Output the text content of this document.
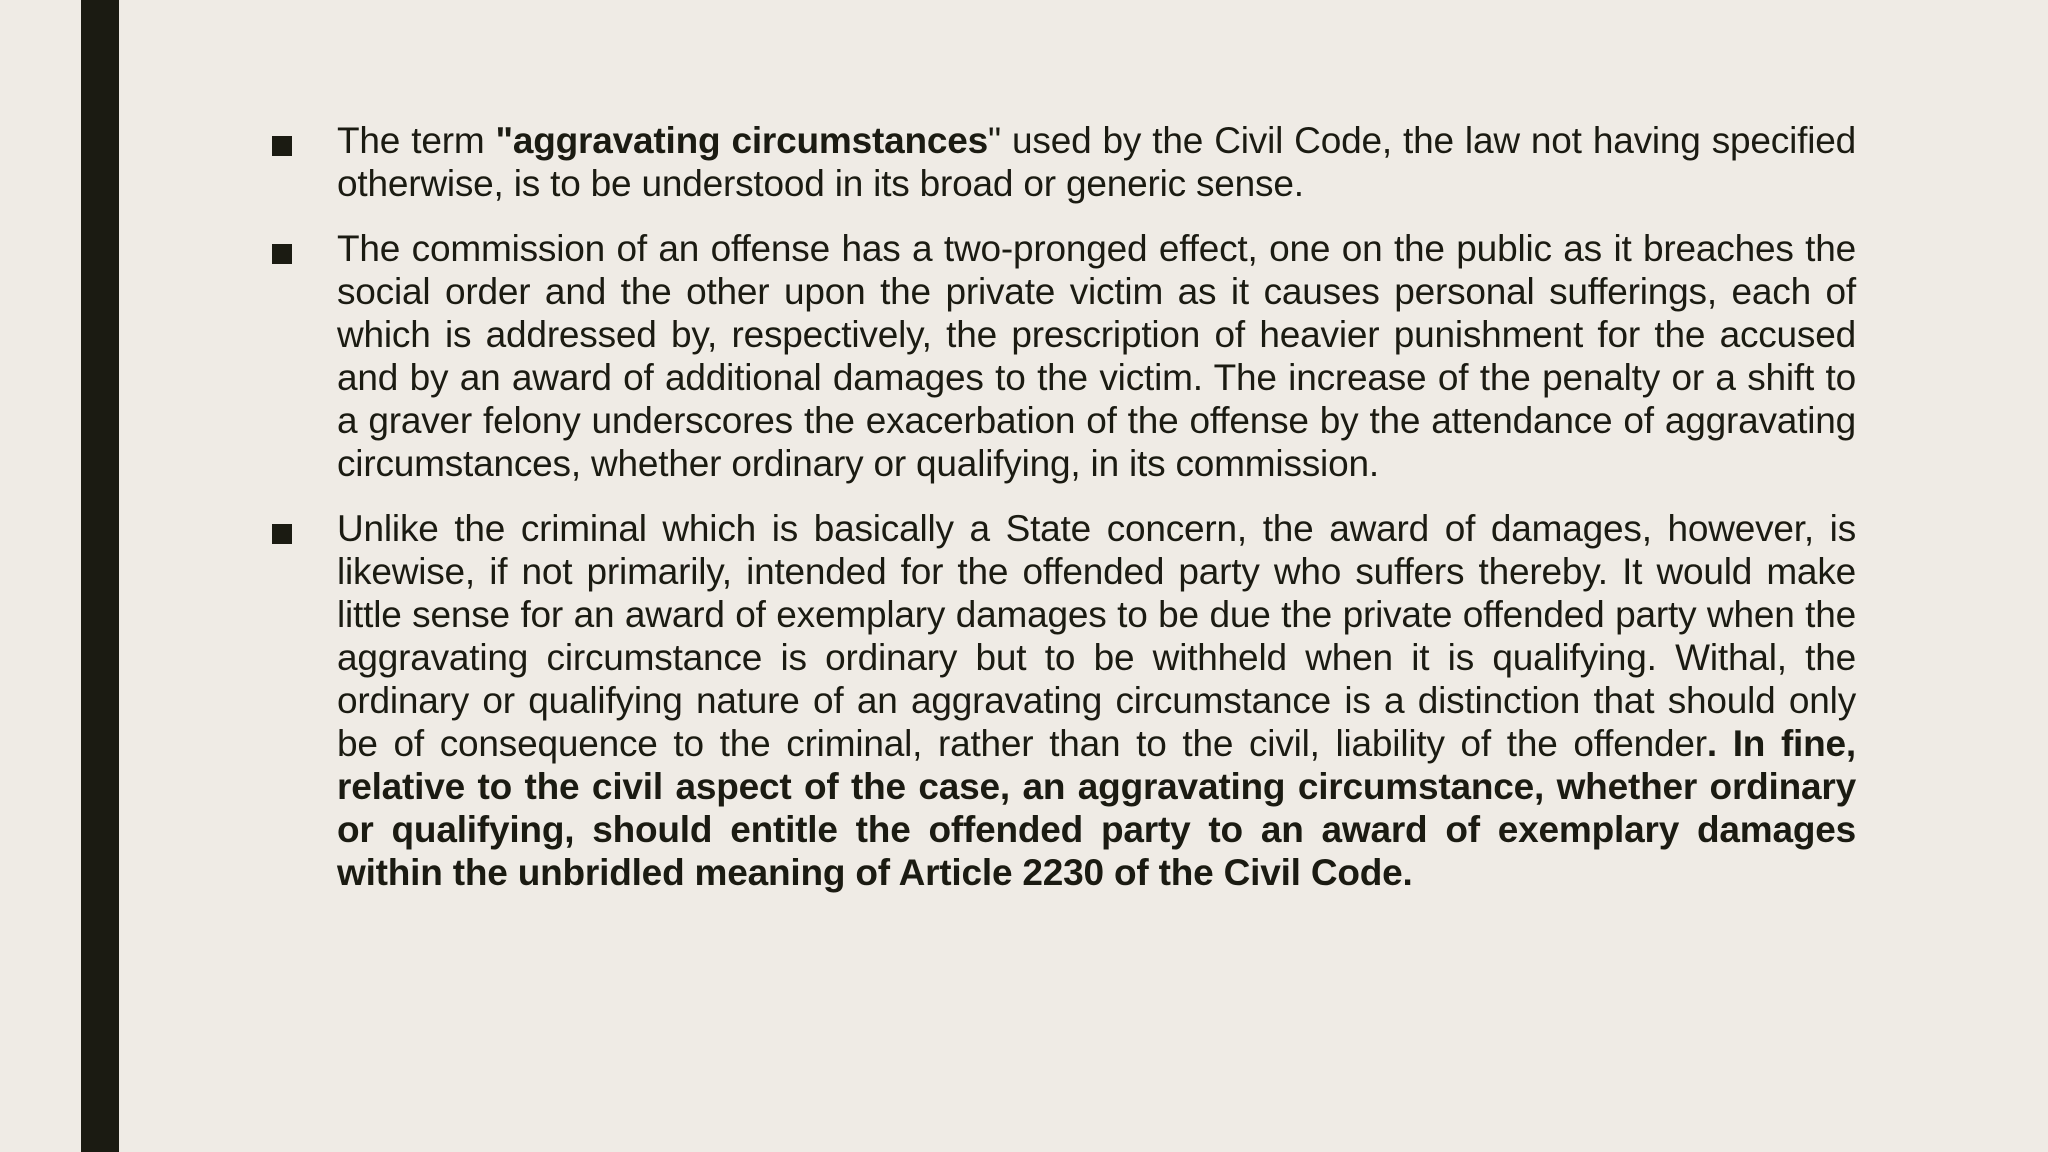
The term "aggravating circumstances" used by the Civil Code, the law not having specified otherwise, is to be understood in its broad or generic sense.

The commission of an offense has a two-pronged effect, one on the public as it breaches the social order and the other upon the private victim as it causes personal sufferings, each of which is addressed by, respectively, the prescription of heavier punishment for the accused and by an award of additional damages to the victim. The increase of the penalty or a shift to a graver felony underscores the exacerbation of the offense by the attendance of aggravating circumstances, whether ordinary or qualifying, in its commission.

Unlike the criminal which is basically a State concern, the award of damages, however, is likewise, if not primarily, intended for the offended party who suffers thereby. It would make little sense for an award of exemplary damages to be due the private offended party when the aggravating circumstance is ordinary but to be withheld when it is qualifying. Withal, the ordinary or qualifying nature of an aggravating circumstance is a distinction that should only be of consequence to the criminal, rather than to the civil, liability of the offender. In fine, relative to the civil aspect of the case, an aggravating circumstance, whether ordinary or qualifying, should entitle the offended party to an award of exemplary damages within the unbridled meaning of Article 2230 of the Civil Code.
